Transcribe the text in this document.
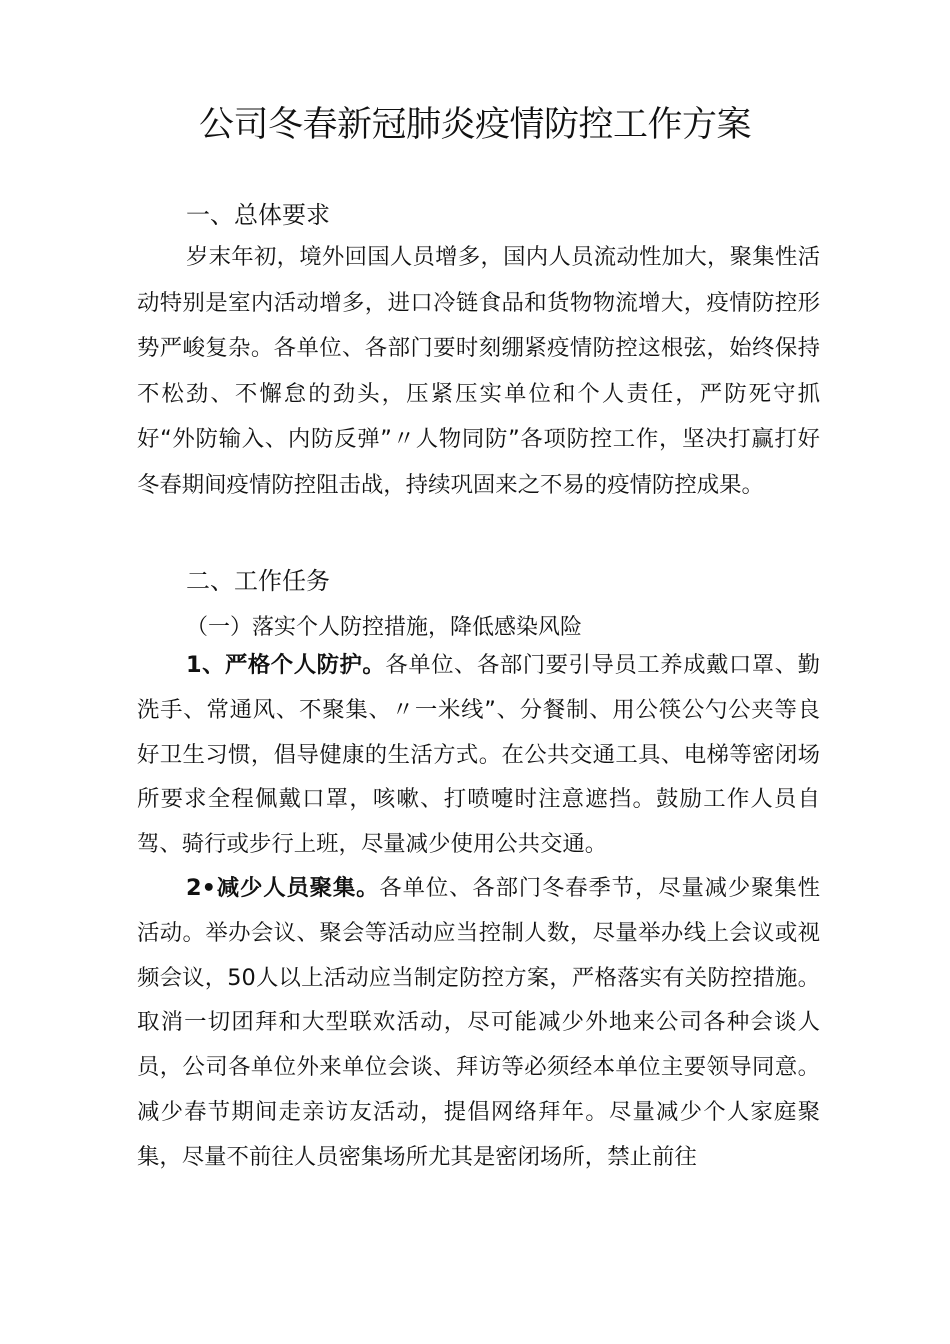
公司冬春新冠肺炎疫情防控工作方案
一、总体要求

岁末年初，境外回国人员增多，国内人员流动性加大，聚集性活动特别是室内活动增多，进口冷链食品和货物物流增大，疫情防控形势严峻复杂。各单位、各部门要时刻绷紧疫情防控这根弦，始终保持不松劲、不懈怠的劲头，压紧压实单位和个人责任，严防死守抓好“外防输入、内防反弹”〃人物同防”各项防控工作，坚决打赢打好冬春期间疫情防控阻击战，持续巩固来之不易的疫情防控成果。

二、工作任务
（一）落实个人防控措施，降低感染风险

1、严格个人防护。各单位、各部门要引导员工养成戴口罩、勤洗手、常通风、不聚集、〃一米线”、分餐制、用公筷公勺公夹等良好卫生习惯，倡导健康的生活方式。在公共交通工具、电梯等密闭场所要求全程佩戴口罩，咳嗽、打喷嚏时注意遮挡。鼓励工作人员自驾、骑行或步行上班，尽量减少使用公共交通。

2•减少人员聚集。各单位、各部门冬春季节，尽量减少聚集性活动。举办会议、聚会等活动应当控制人数，尽量举办线上会议或视频会议，50人以上活动应当制定防控方案，严格落实有关防控措施。取消一切团拜和大型联欢活动，尽可能减少外地来公司各种会谈人员，公司各单位外来单位会谈、拜访等必须经本单位主要领导同意。减少春节期间走亲访友活动，提倡网络拜年。尽量减少个人家庭聚集，尽量不前往人员密集场所尤其是密闭场所，禁止前往
